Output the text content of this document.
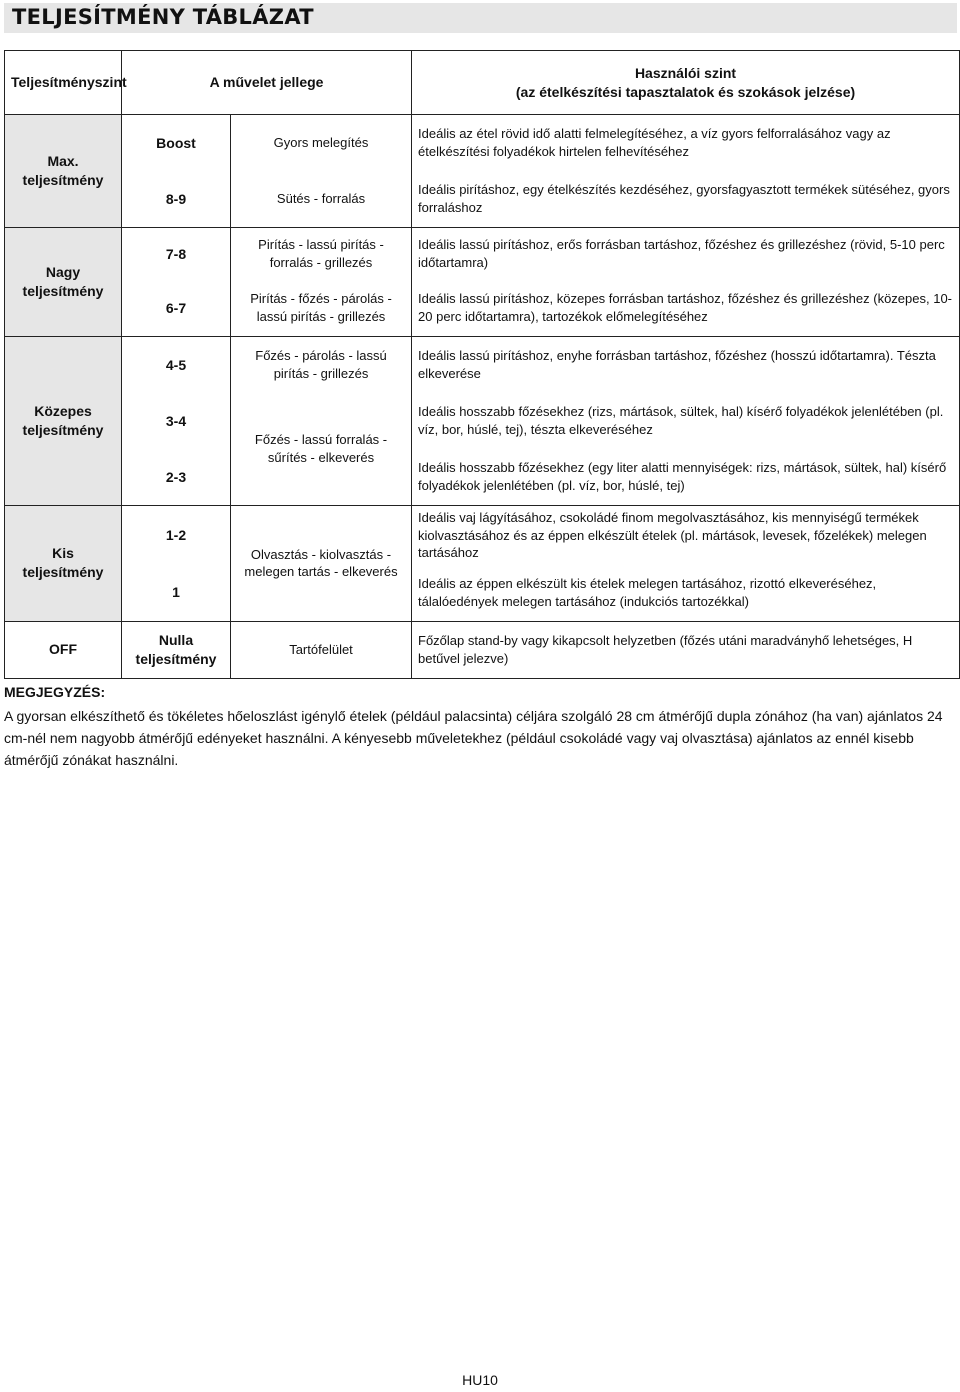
TELJESÍTMÉNY TÁBLÁZAT
Teljesítményszint	A művelet jellege		Használói szint
(az ételkészítési tapasztalatok és szokások jelzése)

Max. teljesítmény	Boost	Gyors melegítés	Ideális az étel rövid idő alatti felmelegítéséhez, a víz gyors felforralásához vagy az ételkészítési folyadékok hirtelen felhevítéséhez
	8-9	Sütés - forralás	Ideális pirításhoz, egy ételkészítés kezdéséhez, gyorsfagyasztott termékek sütéséhez, gyors forraláshoz
Nagy teljesítmény	7-8	Pirítás - lassú pirítás - forralás - grillezés	Ideális lassú pirításhoz, erős forrásban tartáshoz, főzéshez és grillezéshez (rövid, 5-10 perc időtartamra)
	6-7	Pirítás - főzés - párolás - lassú pirítás - grillezés	Ideális lassú pirításhoz, közepes forrásban tartáshoz, főzéshez és grillezéshez (közepes, 10-20 perc időtartamra), tartozékok előmelegítéséhez
Közepes teljesítmény	4-5	Főzés - párolás - lassú pirítás - grillezés	Ideális lassú pirításhoz, enyhe forrásban tartáshoz, főzéshez (hosszú időtartamra). Tészta elkeverése
	3-4	Főzés - lassú forralás - sűrítés - elkeverés	Ideális hosszabb főzésekhez (rizs, mártások, sültek, hal) kísérő folyadékok jelenlétében (pl. víz, bor, húslé, tej), tészta elkeveréséhez
	2-3		Ideális hosszabb főzésekhez (egy liter alatti mennyiségek: rizs, mártások, sültek, hal) kísérő folyadékok jelenlétében (pl. víz, bor, húslé, tej)
Kis teljesítmény	1-2	Olvasztás - kiolvasztás - melegen tartás - elkeverés	Ideális vaj lágyításához, csokoládé finom megolvasztásához, kis mennyiségű termékek kiolvasztásához és az éppen elkészült ételek (pl. mártások, levesek, főzelékek) melegen tartásához
	1		Ideális az éppen elkészült kis ételek melegen tartásához, rizottó elkeveréséhez, tálalóedények melegen tartásához (indukciós tartozékkal)
OFF	Nulla teljesítmény	Tartófelület	Főzőlap stand-by vagy kikapcsolt helyzetben (főzés utáni maradványhő lehetséges, H betűvel jelezve)
MEGJEGYZÉS:
A gyorsan elkészíthető és tökéletes hőeloszlást igénylő ételek (például palacsinta) céljára szolgáló 28 cm átmérőjű dupla zónához (ha van) ajánlatos 24 cm-nél nem nagyobb átmérőjű edényeket használni. A kényesebb műveletekhez (például csokoládé vagy vaj olvasztása) ajánlatos az ennél kisebb átmérőjű zónákat használni.
HU10
